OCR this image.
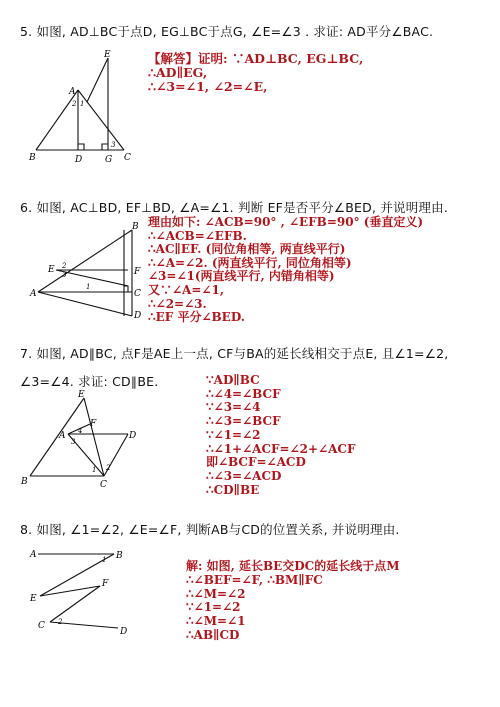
5. 如图, AD⊥BC于点D, EG⊥BC于点G, ∠E=∠3 . 求证: AD平分∠BAC.
E
A
B	D	G C
1
2
3
【解答】证明: ∵AD⊥BC, EG⊥BC,
∴AD∥EG,
∴∠3=∠1, ∠2=∠E,
6. 如图, AC⊥BD, EF⊥BD, ∠A=∠1. 判断 EF是否平分∠BED, 并说明理由.
B
E	F
A	C
D
1
2
3
理由如下: ∠ACB=90° , ∠EFB=90° (垂直定义)
∴∠ACB=∠EFB.
∴AC∥EF. (同位角相等, 两直线平行)
∴∠A=∠2. (两直线平行, 同位角相等)
∠3=∠1(两直线平行, 内错角相等)
又∵∠A=∠1,
∴∠2=∠3.
∴EF 平分∠BED.
7. 如图, AD∥BC, 点F是AE上一点, CF与BA的延长线相交于点E, 且∠1=∠2,
∠3=∠4. 求证: CD∥BE.
E
F
A	D
B	C
3
4
1 2
∵AD∥BC
∴∠4=∠BCF
∵∠3=∠4
∴∠3=∠BCF
∵∠1=∠2
∴∠1+∠ACF=∠2+∠ACF
即∠BCF=∠ACD
∴∠3=∠ACD
∴CD∥BE
8. 如图, ∠1=∠2, ∠E=∠F, 判断AB与CD的位置关系, 并说明理由.
A	B
F
E
C
D
1
2
解: 如图, 延长BE交DC的延长线于点M
∴∠BEF=∠F, ∴BM∥FC
∴∠M=∠2
∵∠1=∠2
∴∠M=∠1
∴AB∥CD
